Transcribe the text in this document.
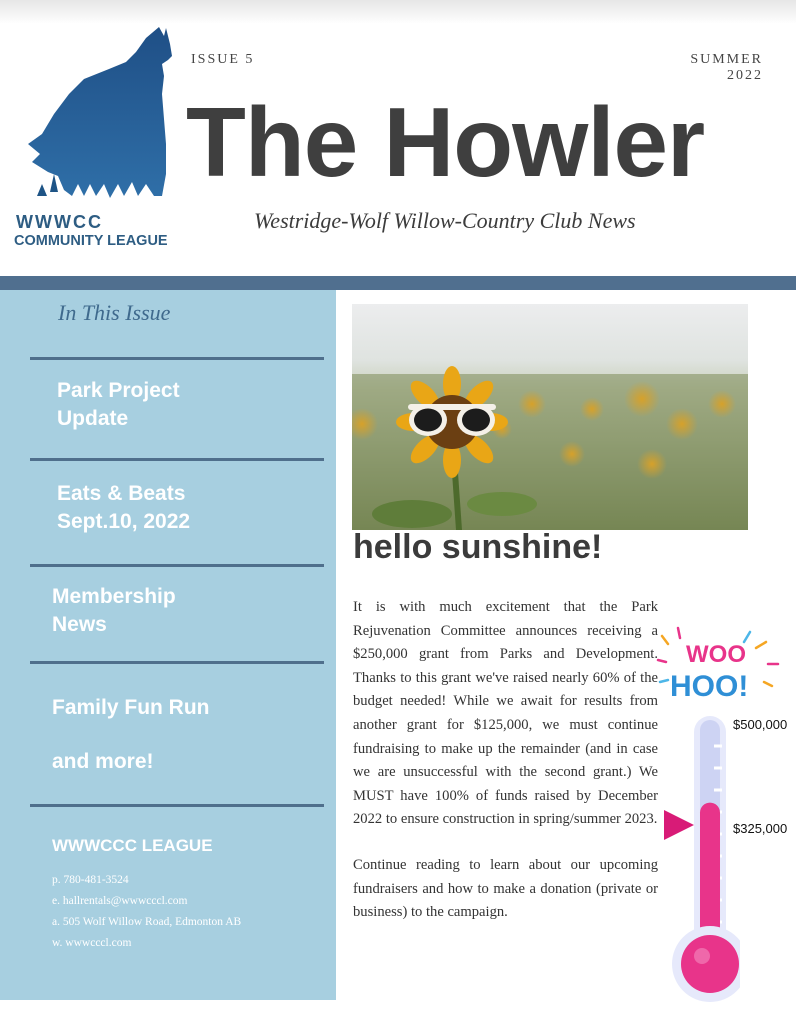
WWWCC
COMMUNITY LEAGUE
ISSUE 5	SUMMER
2022
The Howler
Westridge-Wolf Willow-Country Club News
In This Issue
Park Project
Update
Eats & Beats
Sept.10, 2022
Membership
News
Family Fun Run
and more!
WWWCCC LEAGUE
p. 780-481-3524
e. hallrentals@wwwcccl.com
a. 505 Wolf Willow Road, Edmonton AB
w. wwwcccl.com
hello sunshine!

It is with much excitement that the Park Rejuvenation Committee announces receiving a $250,000 grant from Parks and Development. Thanks to this grant we've raised nearly 60% of the budget needed! While we await for results from another grant for $125,000, we must continue fundraising to make up the remainder (and in case we are unsuccessful with the second grant.) We MUST have 100% of funds raised by December 2022 to ensure construction in spring/summer 2023.

Continue reading to learn about our upcoming fundraisers and how to make a donation (private or business) to the campaign.

WOO
HOO!
$500,000
$325,000
